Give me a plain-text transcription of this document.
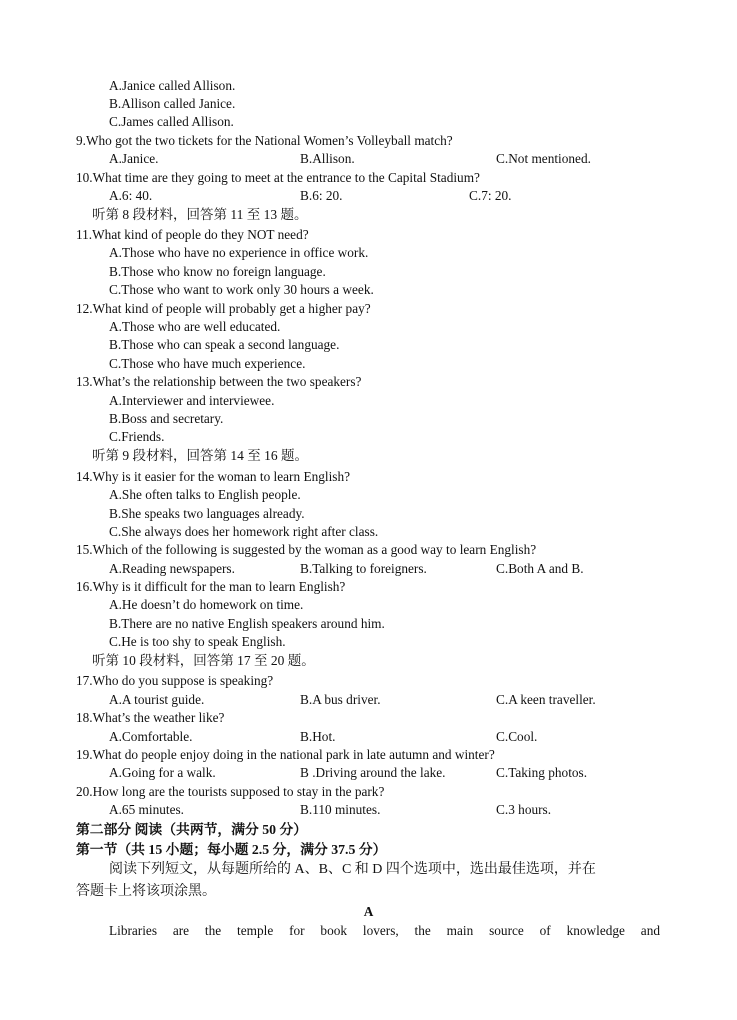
A.Janice called Allison.
B.Allison called Janice.
C.James called Allison.
9.Who got the two tickets for the National Women’s Volleyball match?
A.Janice.	B.Allison.	C.Not mentioned.
10.What time are they going to meet at the entrance to the Capital Stadium?
A.6: 40.	B.6: 20.	C.7: 20.
听第 8 段材料，回答第 11 至 13 题。
11.What kind of people do they NOT need?
A.Those who have no experience in office work.
B.Those who know no foreign language.
C.Those who want to work only 30 hours a week.
12.What kind of people will probably get a higher pay?
A.Those who are well educated.
B.Those who can speak a second language.
C.Those who have much experience.
13.What’s the relationship between the two speakers?
A.Interviewer and interviewee.
B.Boss and secretary.
C.Friends.
听第 9 段材料，回答第 14 至 16 题。
14.Why is it easier for the woman to learn English?
A.She often talks to English people.
B.She speaks two languages already.
C.She always does her homework right after class.
15.Which of the following is suggested by the woman as a good way to learn English?
A.Reading newspapers.	B.Talking to foreigners.	C.Both A and B.
16.Why is it difficult for the man to learn English?
A.He doesn’t do homework on time.
B.There are no native English speakers around him.
C.He is too shy to speak English.
听第 10 段材料，回答第 17 至 20 题。
17.Who do you suppose is speaking?
A.A tourist guide.	B.A bus driver.	C.A keen traveller.
18.What’s the weather like?
A.Comfortable.	B.Hot.	C.Cool.
19.What do people enjoy doing in the national park in late autumn and winter?
A.Going for a walk.	B .Driving around the lake.	C.Taking photos.
20.How long are the tourists supposed to stay in the park?
A.65 minutes.	B.110 minutes.	C.3 hours.
第二部分 阅读（共两节，满分 50 分）
第一节（共 15 小题；每小题 2.5 分，满分 37.5 分）
阅读下列短文，从每题所给的 A、B、C 和 D 四个选项中，选出最佳选项，并在
答题卡上将该项涂黑。
A
Libraries are the temple for book lovers, the main source of knowledge and
